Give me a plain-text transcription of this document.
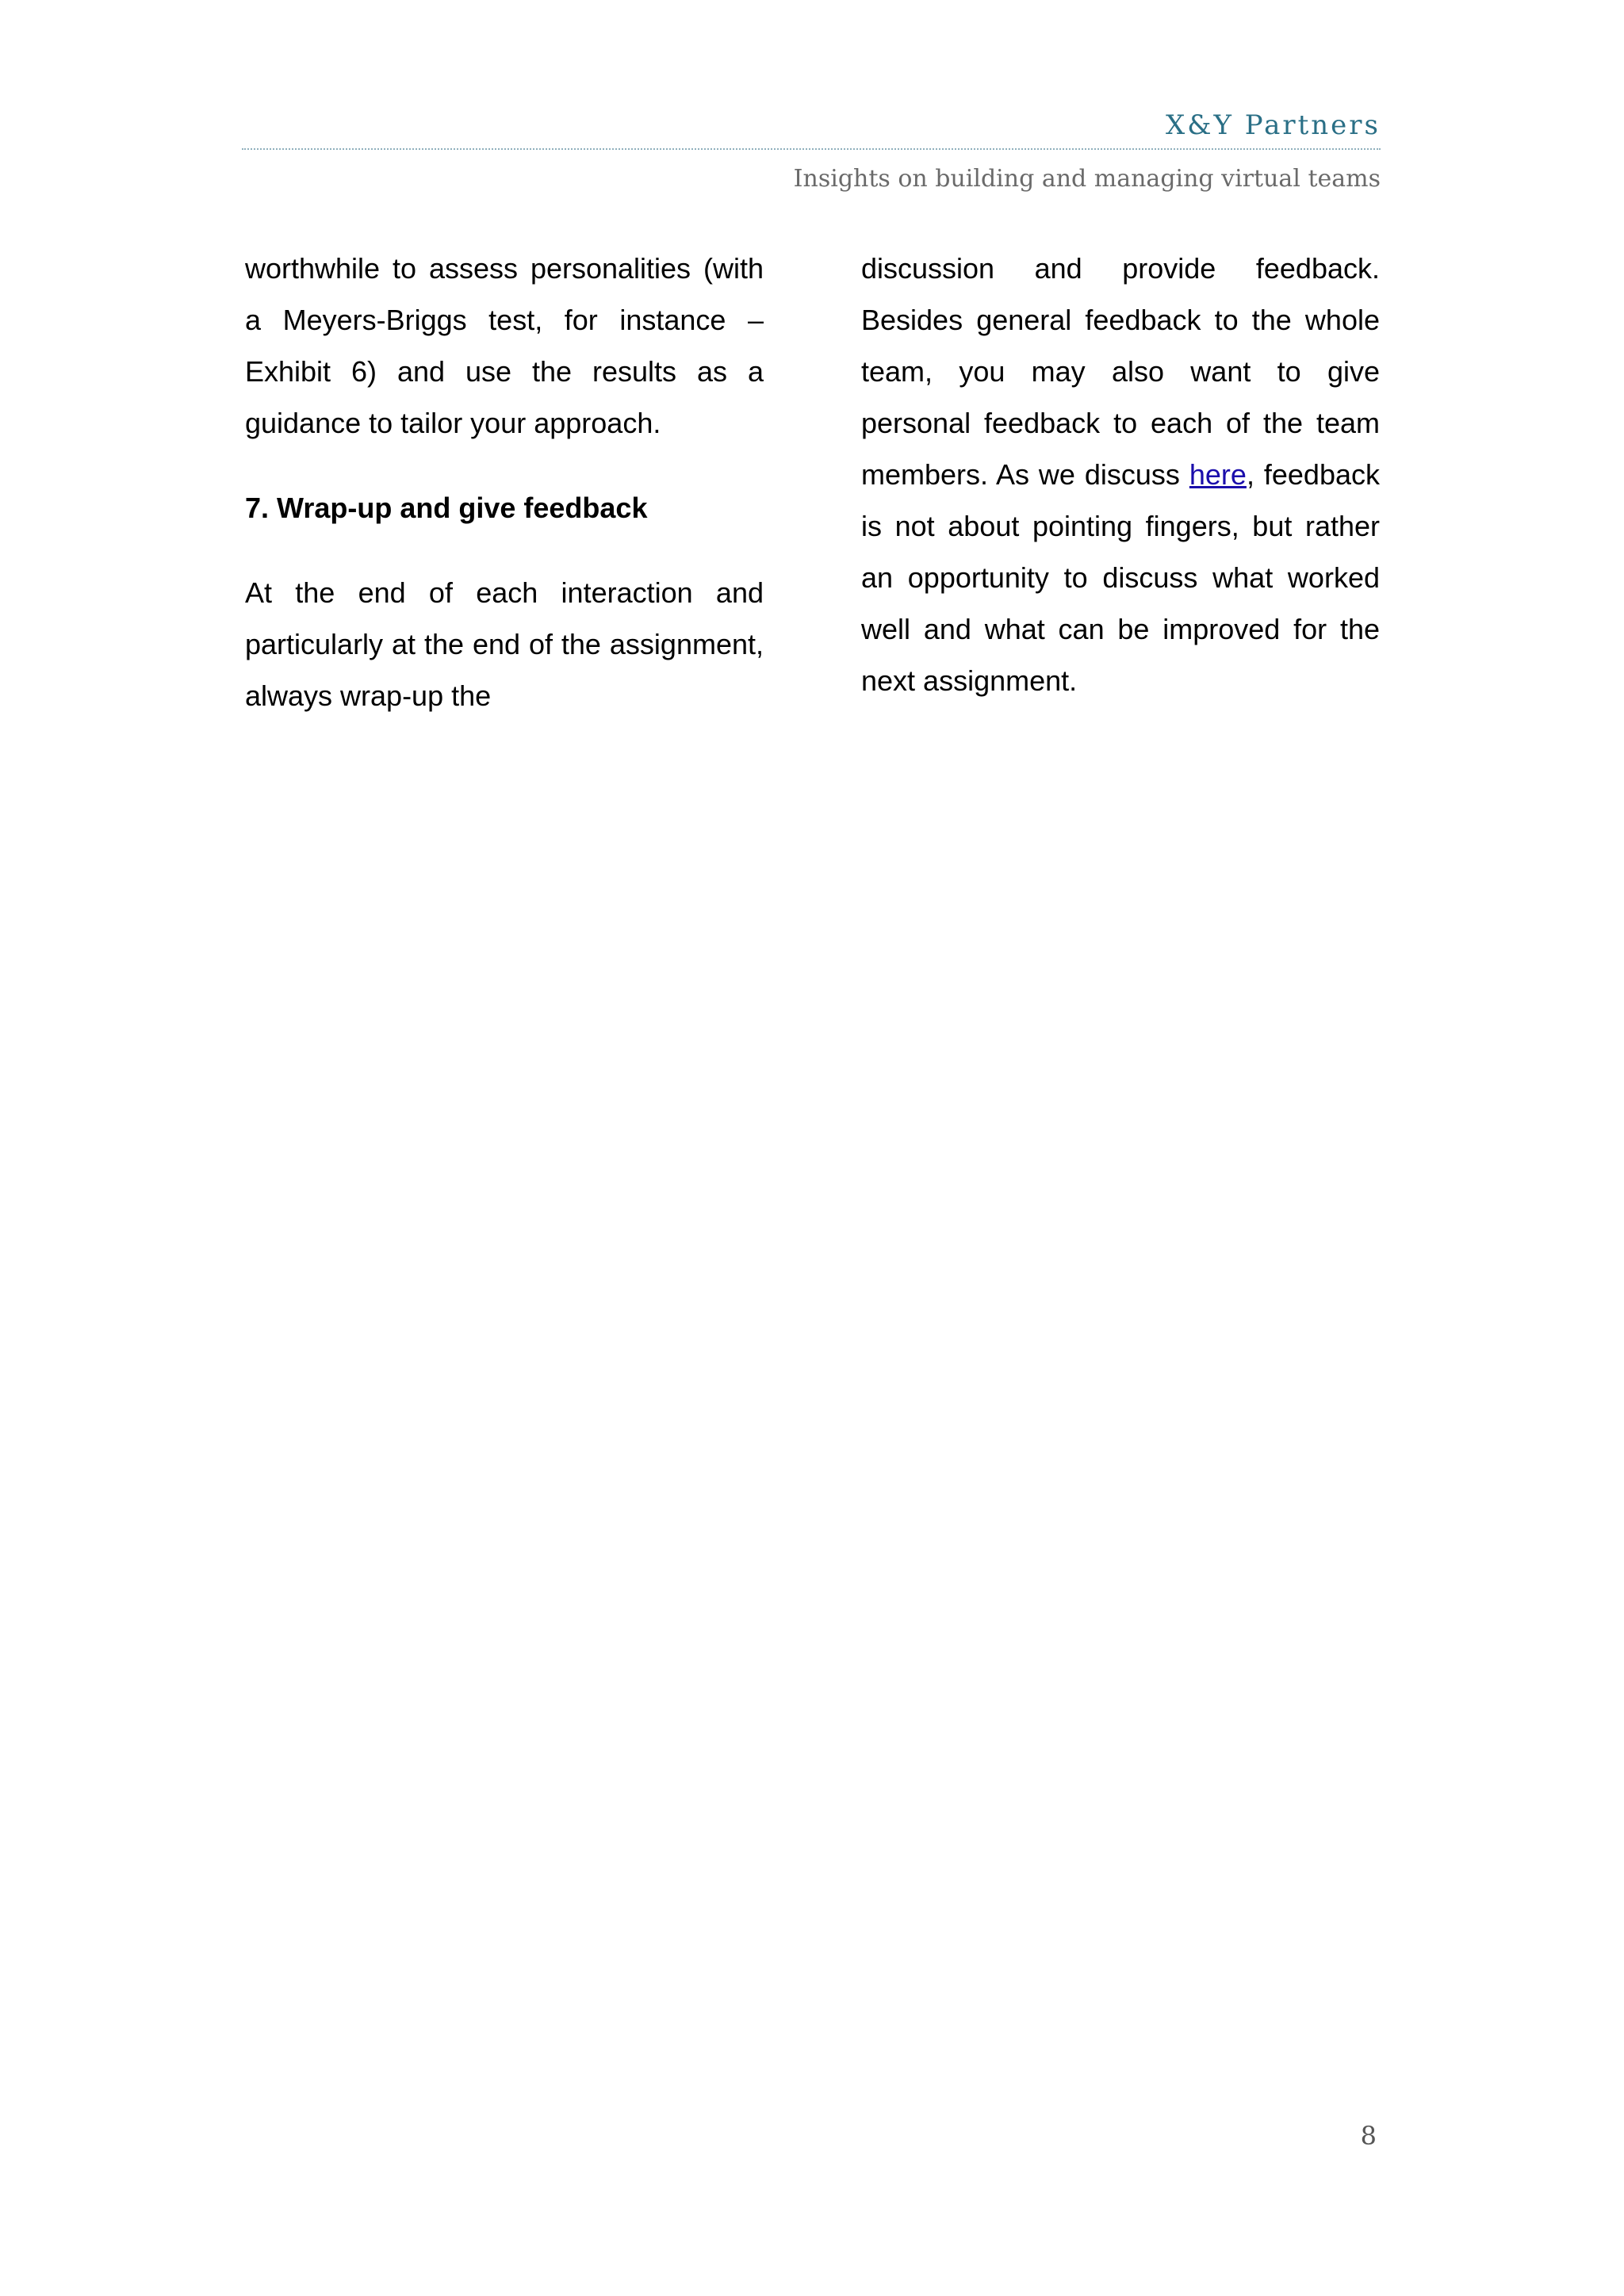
X&Y Partners
Insights on building and managing virtual teams

worthwhile to assess personalities (with a Meyers-Briggs test, for instance – Exhibit 6) and use the results as a guidance to tailor your approach.

7. Wrap-up and give feedback

At the end of each interaction and particularly at the end of the assignment, always wrap-up the

discussion and provide feedback. Besides general feedback to the whole team, you may also want to give personal feedback to each of the team members. As we discuss here, feedback is not about pointing fingers, but rather an opportunity to discuss what worked well and what can be improved for the next assignment.

8
